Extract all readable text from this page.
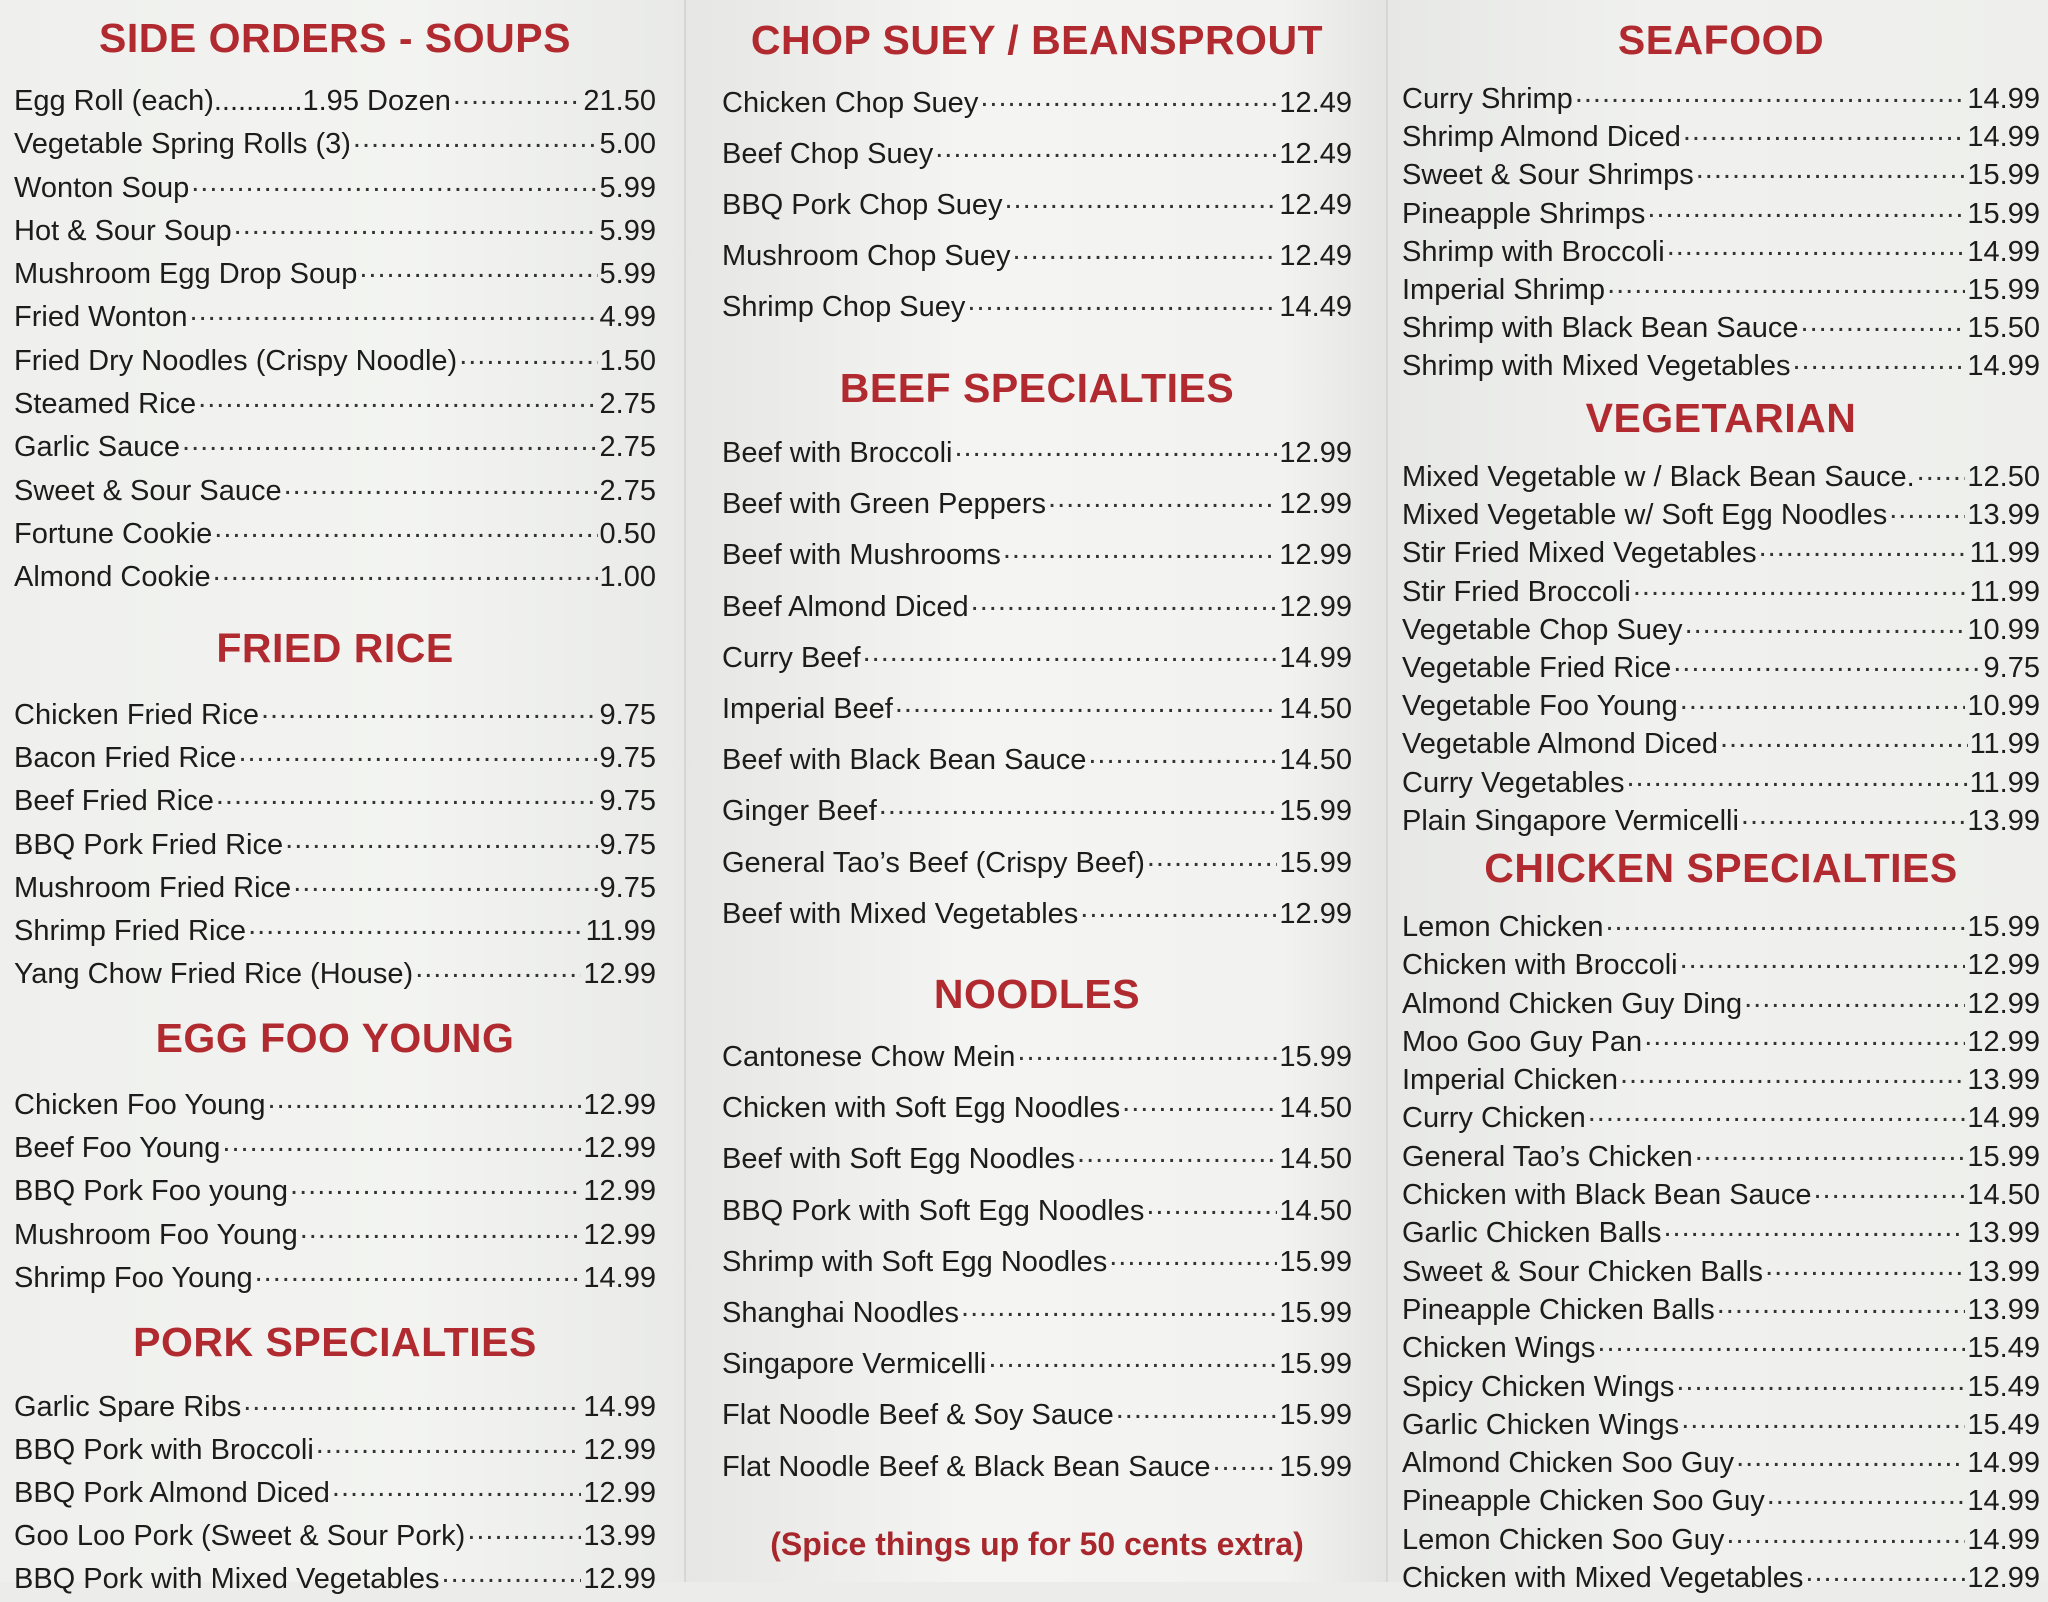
SIDE ORDERS - SOUPS
Egg Roll (each)...........1.95 Dozen .....	21.50
Vegetable Spring Rolls (3) .....	5.00
Wonton Soup .....	5.99
Hot & Sour Soup .....	5.99
Mushroom Egg Drop Soup .....	5.99
Fried Wonton .....	4.99
Fried Dry Noodles (Crispy Noodle) .....	1.50
Steamed Rice .....	2.75
Garlic Sauce .....	2.75
Sweet & Sour Sauce .....	2.75
Fortune Cookie .....	0.50
Almond Cookie .....	1.00
FRIED RICE
Chicken Fried Rice .....	9.75
Bacon Fried Rice .....	9.75
Beef Fried Rice .....	9.75
BBQ Pork Fried Rice .....	9.75
Mushroom Fried Rice .....	9.75
Shrimp Fried Rice .....	11.99
Yang Chow Fried Rice (House) .....	12.99
EGG FOO YOUNG
Chicken Foo Young .....	12.99
Beef Foo Young .....	12.99
BBQ Pork Foo young .....	12.99
Mushroom Foo Young .....	12.99
Shrimp Foo Young .....	14.99
PORK SPECIALTIES
Garlic Spare Ribs .....	14.99
BBQ Pork with Broccoli .....	12.99
BBQ Pork Almond Diced .....	12.99
Goo Loo Pork (Sweet & Sour Pork) .....	13.99
BBQ Pork with Mixed Vegetables .....	12.99
CHOP SUEY / BEANSPROUT
Chicken Chop Suey .....	12.49
Beef Chop Suey .....	12.49
BBQ Pork Chop Suey .....	12.49
Mushroom Chop Suey .....	12.49
Shrimp Chop Suey .....	14.49
BEEF SPECIALTIES
Beef with Broccoli .....	12.99
Beef with Green Peppers .....	12.99
Beef with Mushrooms .....	12.99
Beef Almond Diced .....	12.99
Curry Beef .....	14.99
Imperial Beef .....	14.50
Beef with Black Bean Sauce .....	14.50
Ginger Beef .....	15.99
General Tao’s Beef (Crispy Beef) .....	15.99
Beef with Mixed Vegetables .....	12.99
NOODLES
Cantonese Chow Mein .....	15.99
Chicken with Soft Egg Noodles .....	14.50
Beef with Soft Egg Noodles .....	14.50
BBQ Pork with Soft Egg Noodles .....	14.50
Shrimp with Soft Egg Noodles .....	15.99
Shanghai Noodles .....	15.99
Singapore Vermicelli .....	15.99
Flat Noodle Beef & Soy Sauce .....	15.99
Flat Noodle Beef & Black Bean Sauce ..... 15.99
(Spice things up for 50 cents extra)
SEAFOOD
Curry Shrimp .....	14.99
Shrimp Almond Diced .....	14.99
Sweet & Sour Shrimps .....	15.99
Pineapple Shrimps .....	15.99
Shrimp with Broccoli .....	14.99
Imperial Shrimp .....	15.99
Shrimp with Black Bean Sauce .....	15.50
Shrimp with Mixed Vegetables .....	14.99
VEGETARIAN
Mixed Vegetable w / Black Bean Sauce. ..... 12.50
Mixed Vegetable w/ Soft Egg Noodles .....	13.99
Stir Fried Mixed Vegetables .....	11.99
Stir Fried Broccoli .....	11.99
Vegetable Chop Suey .....	10.99
Vegetable Fried Rice .....	9.75
Vegetable Foo Young .....	10.99
Vegetable Almond Diced .....	11.99
Curry Vegetables .....	11.99
Plain Singapore Vermicelli .....	13.99
CHICKEN SPECIALTIES
Lemon Chicken .....	15.99
Chicken with Broccoli .....	12.99
Almond Chicken Guy Ding .....	12.99
Moo Goo Guy Pan .....	12.99
Imperial Chicken .....	13.99
Curry Chicken .....	14.99
General Tao’s Chicken .....	15.99
Chicken with Black Bean Sauce .....	14.50
Garlic Chicken Balls .....	13.99
Sweet & Sour Chicken Balls .....	13.99
Pineapple Chicken Balls .....	13.99
Chicken Wings .....	15.49
Spicy Chicken Wings .....	15.49
Garlic Chicken Wings .....	15.49
Almond Chicken Soo Guy .....	14.99
Pineapple Chicken Soo Guy .....	14.99
Lemon Chicken Soo Guy .....	14.99
Chicken with Mixed Vegetables .....	12.99
